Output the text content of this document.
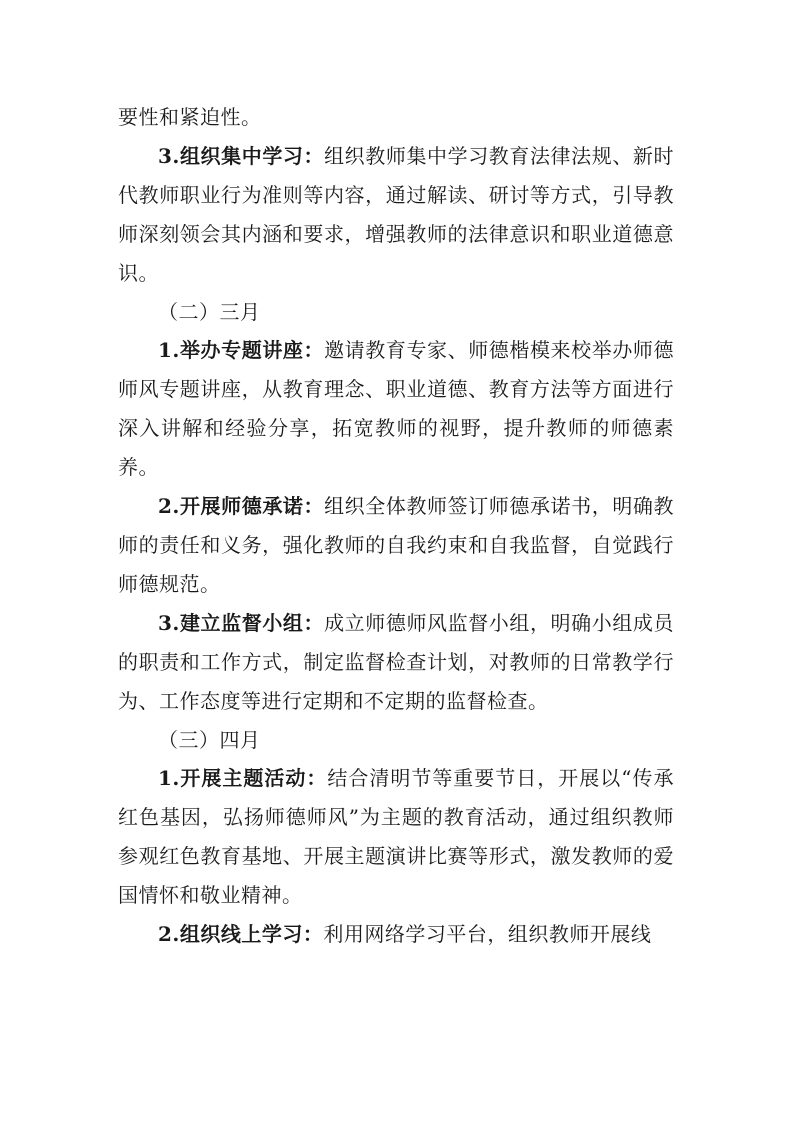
要性和紧迫性。

3.组织集中学习：组织教师集中学习教育法律法规、新时代教师职业行为准则等内容，通过解读、研讨等方式，引导教师深刻领会其内涵和要求，增强教师的法律意识和职业道德意识。

（二）三月

1.举办专题讲座：邀请教育专家、师德楷模来校举办师德师风专题讲座，从教育理念、职业道德、教育方法等方面进行深入讲解和经验分享，拓宽教师的视野，提升教师的师德素养。

2.开展师德承诺：组织全体教师签订师德承诺书，明确教师的责任和义务，强化教师的自我约束和自我监督，自觉践行师德规范。

3.建立监督小组：成立师德师风监督小组，明确小组成员的职责和工作方式，制定监督检查计划，对教师的日常教学行为、工作态度等进行定期和不定期的监督检查。

（三）四月

1.开展主题活动：结合清明节等重要节日，开展以“传承红色基因，弘扬师德师风”为主题的教育活动，通过组织教师参观红色教育基地、开展主题演讲比赛等形式，激发教师的爱国情怀和敬业精神。

2.组织线上学习：利用网络学习平台，组织教师开展线
